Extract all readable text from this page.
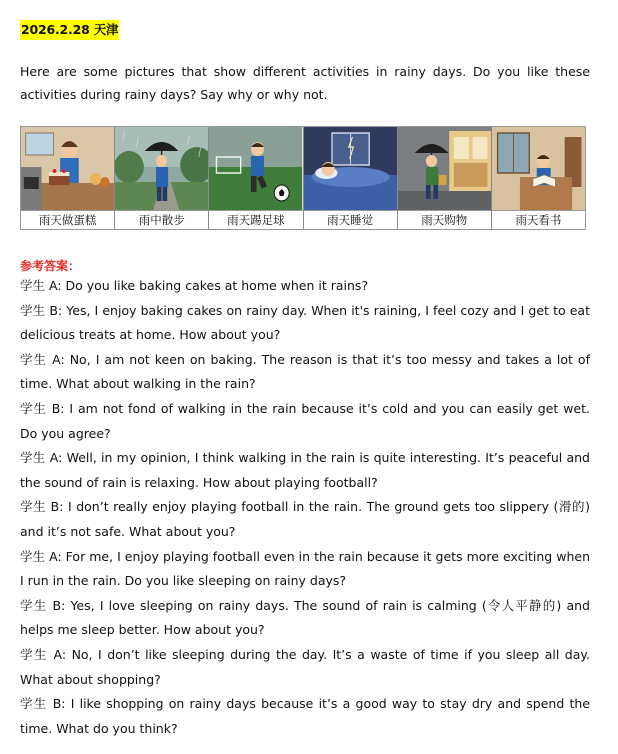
2026.2.28 天津
Here are some pictures that show different activities in rainy days. Do you like these activities during rainy days? Say why or why not.
雨天做蛋糕	雨中散步	雨天踢足球	雨天睡觉	雨天购物	雨天看书
参考答案：

学生 A: Do you like baking cakes at home when it rains?

学生 B: Yes, I enjoy baking cakes on rainy day. When it's raining, I feel cozy and I get to eat delicious treats at home. How about you?

学生 A: No, I am not keen on baking. The reason is that it’s too messy and takes a lot of time. What about walking in the rain?

学生 B: I am not fond of walking in the rain because it’s cold and you can easily get wet. Do you agree?

学生 A: Well, in my opinion, I think walking in the rain is quite interesting. It’s peaceful and the sound of rain is relaxing. How about playing football?

学生 B: I don’t really enjoy playing football in the rain. The ground gets too slippery (滑的) and it’s not safe. What about you?

学生 A: For me, I enjoy playing football even in the rain because it gets more exciting when I run in the rain. Do you like sleeping on rainy days?

学生 B: Yes, I love sleeping on rainy days. The sound of rain is calming (令人平静的) and helps me sleep better. How about you?

学生 A: No, I don’t like sleeping during the day. It’s a waste of time if you sleep all day. What about shopping?

学生 B: I like shopping on rainy days because it’s a good way to stay dry and spend the time. What do you think?
